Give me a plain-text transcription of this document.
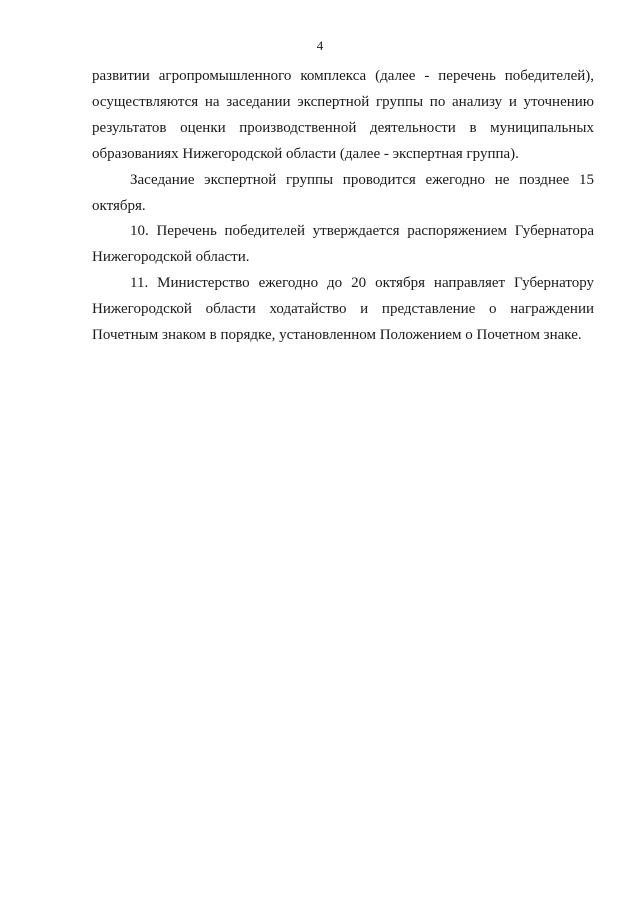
4

развитии агропромышленного комплекса (далее - перечень победителей), осуществляются на заседании экспертной группы по анализу и уточнению результатов оценки производственной деятельности в муниципальных образованиях Нижегородской области (далее - экспертная группа).

Заседание экспертной группы проводится ежегодно не позднее 15 октября.

10. Перечень победителей утверждается распоряжением Губернатора Нижегородской области.

11. Министерство ежегодно до 20 октября направляет Губернатору Нижегородской области ходатайство и представление о награждении Почетным знаком в порядке, установленном Положением о Почетном знаке.
